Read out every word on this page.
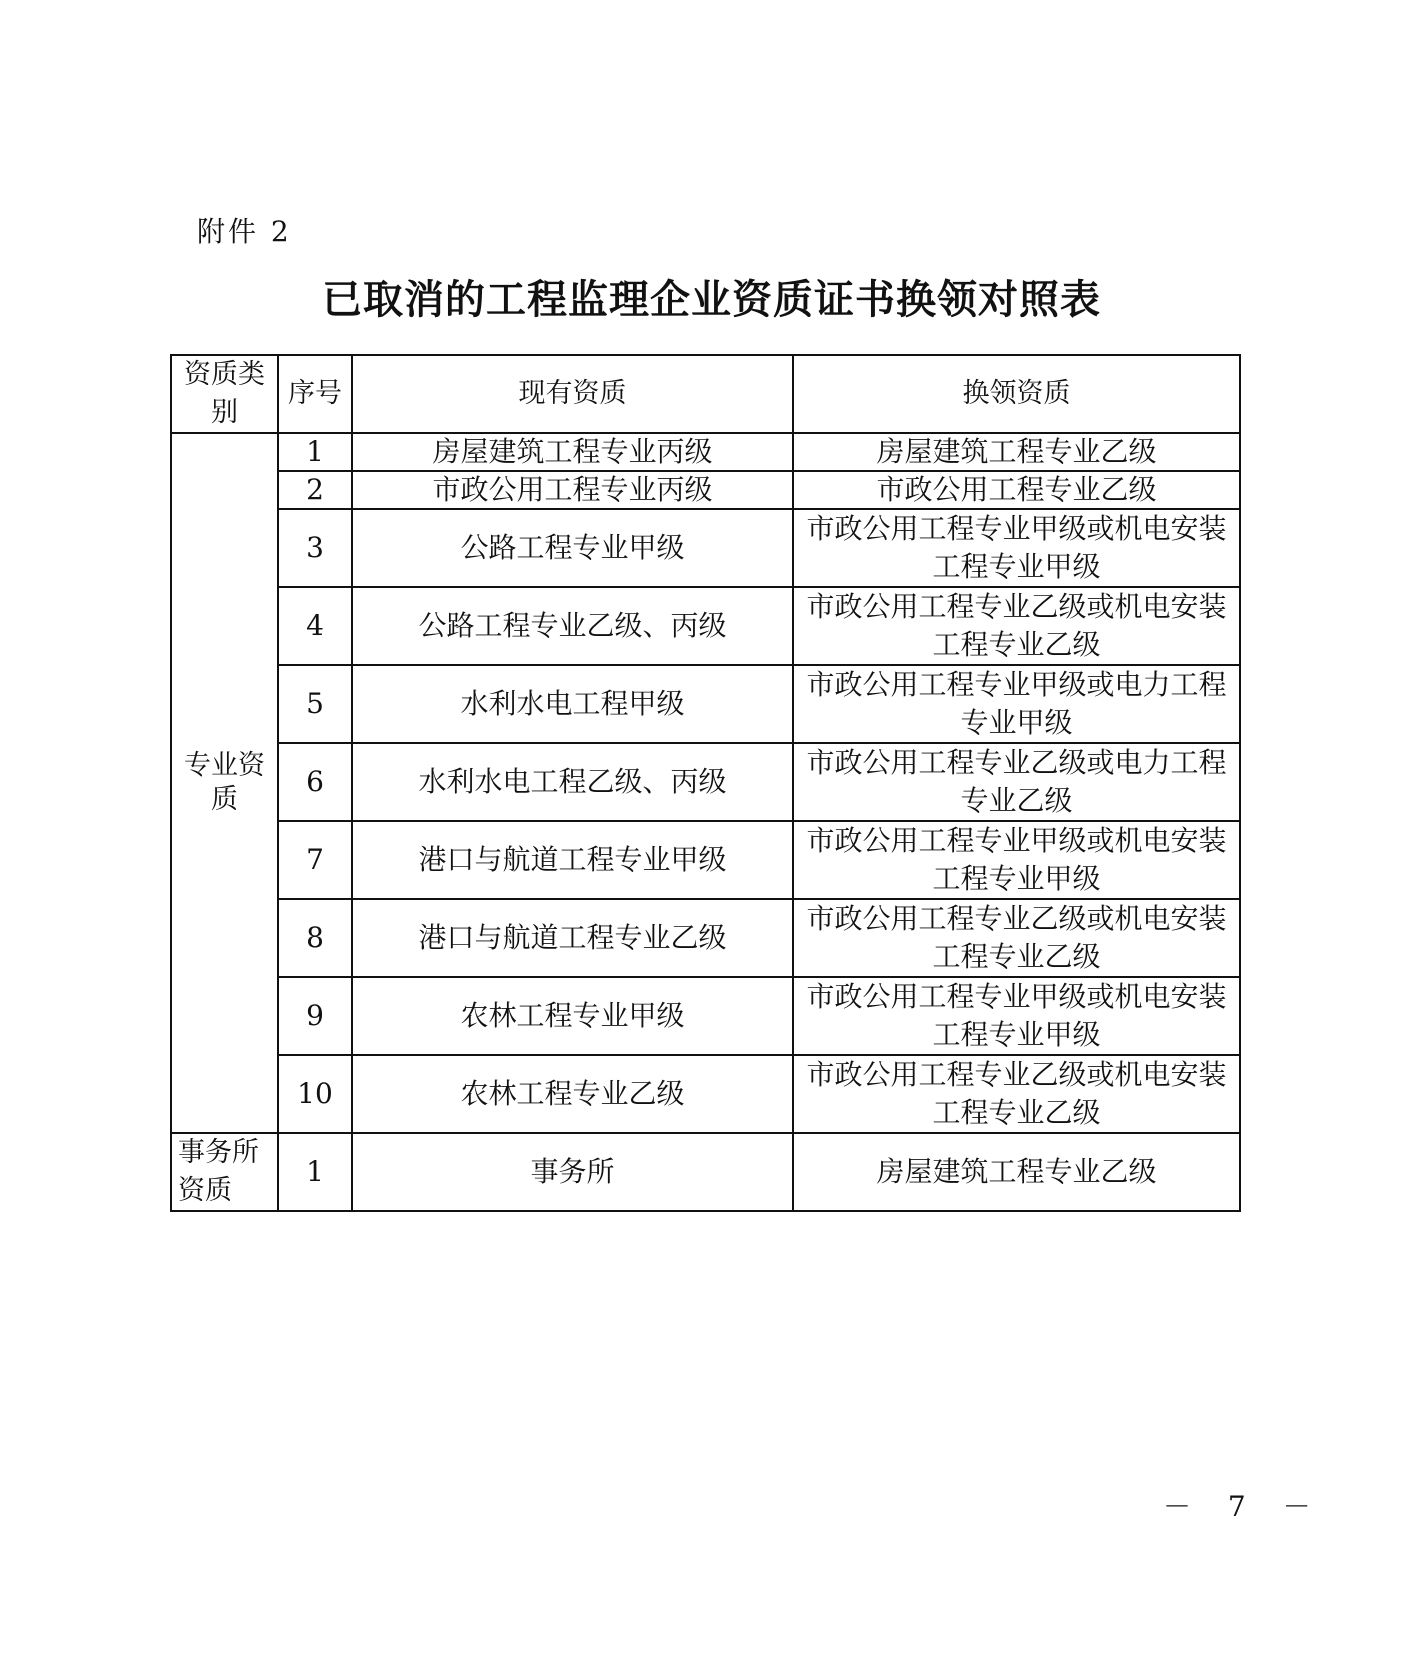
附件 2
已取消的工程监理企业资质证书换领对照表
资质类别	序号	现有资质	换领资质
专业资质	1	房屋建筑工程专业丙级	房屋建筑工程专业乙级
	2	市政公用工程专业丙级	市政公用工程专业乙级
	3	公路工程专业甲级	市政公用工程专业甲级或机电安装工程专业甲级
	4	公路工程专业乙级、丙级	市政公用工程专业乙级或机电安装工程专业乙级
	5	水利水电工程甲级	市政公用工程专业甲级或电力工程专业甲级
	6	水利水电工程乙级、丙级	市政公用工程专业乙级或电力工程专业乙级
	7	港口与航道工程专业甲级	市政公用工程专业甲级或机电安装工程专业甲级
	8	港口与航道工程专业乙级	市政公用工程专业乙级或机电安装工程专业乙级
	9	农林工程专业甲级	市政公用工程专业甲级或机电安装工程专业甲级
	10	农林工程专业乙级	市政公用工程专业乙级或机电安装工程专业乙级
事务所资质	1	事务所	房屋建筑工程专业乙级
－ 7 －
